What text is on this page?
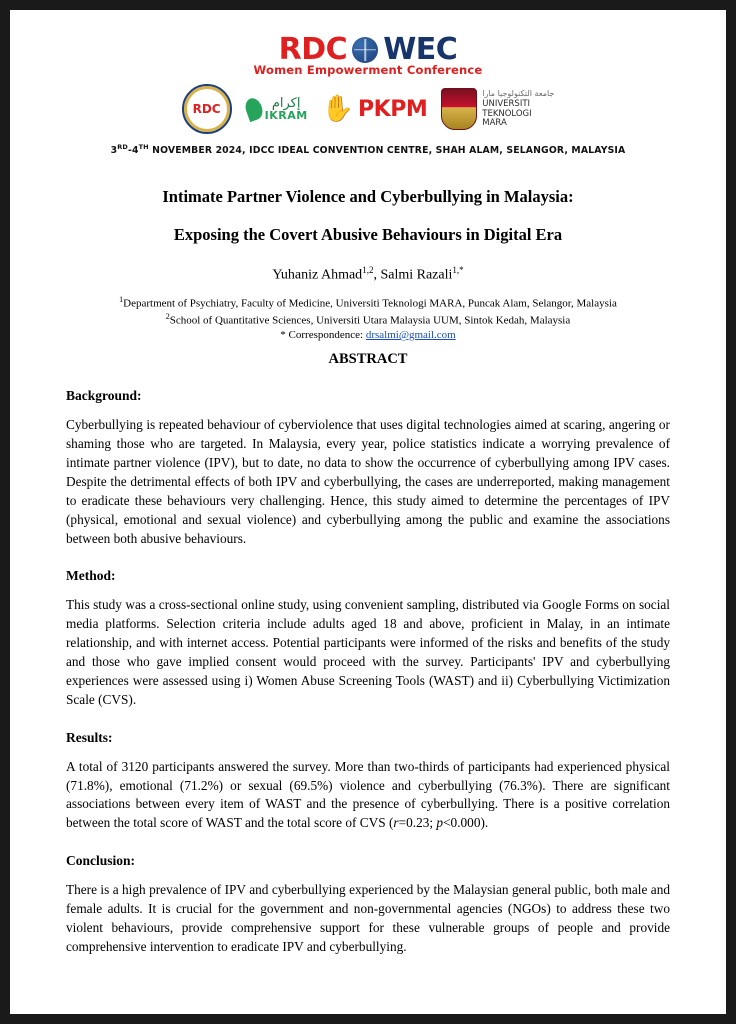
RDC WEC
Women Empowerment Conference
RDC	إكرام
IKRAM ✋ PKPM
جامعة التكنولوجيا مارا
UNIVERSITI
TEKNOLOGI
MARA
3RD-4TH NOVEMBER 2024, IDCC IDEAL CONVENTION CENTRE, SHAH ALAM, SELANGOR, MALAYSIA
Intimate Partner Violence and Cyberbullying in Malaysia:
Exposing the Covert Abusive Behaviours in Digital Era
Yuhaniz Ahmad$^{1,2}$, Salmi Razali$^{1,*}$
$^1$Department of Psychiatry, Faculty of Medicine, Universiti Teknologi MARA, Puncak Alam, Selangor, Malaysia
$^2$School of Quantitative Sciences, Universiti Utara Malaysia UUM, Sintok Kedah, Malaysia
* Correspondence: drsalmi@gmail.com
ABSTRACT
Background:

Cyberbullying is repeated behaviour of cyberviolence that uses digital technologies aimed at scaring, angering or shaming those who are targeted. In Malaysia, every year, police statistics indicate a worrying prevalence of intimate partner violence (IPV), but to date, no data to show the occurrence of cyberbullying among IPV cases. Despite the detrimental effects of both IPV and cyberbullying, the cases are underreported, making management to eradicate these behaviours very challenging. Hence, this study aimed to determine the percentages of IPV (physical, emotional and sexual violence) and cyberbullying among the public and examine the associations between both abusive behaviours.

Method:

This study was a cross-sectional online study, using convenient sampling, distributed via Google Forms on social media platforms. Selection criteria include adults aged 18 and above, proficient in Malay, in an intimate relationship, and with internet access. Potential participants were informed of the risks and benefits of the study and those who gave implied consent would proceed with the survey. Participants' IPV and cyberbullying experiences were assessed using i) Women Abuse Screening Tools (WAST) and ii) Cyberbullying Victimization Scale (CVS).

Results:

A total of 3120 participants answered the survey. More than two-thirds of participants had experienced physical (71.8%), emotional (71.2%) or sexual (69.5%) violence and cyberbullying (76.3%). There are significant associations between every item of WAST and the presence of cyberbullying. There is a positive correlation between the total score of WAST and the total score of CVS (r=0.23; p<0.000).

Conclusion:

There is a high prevalence of IPV and cyberbullying experienced by the Malaysian general public, both male and female adults. It is crucial for the government and non-governmental agencies (NGOs) to address these two violent behaviours, provide comprehensive support for these vulnerable groups of people and provide comprehensive intervention to eradicate IPV and cyberbullying.
